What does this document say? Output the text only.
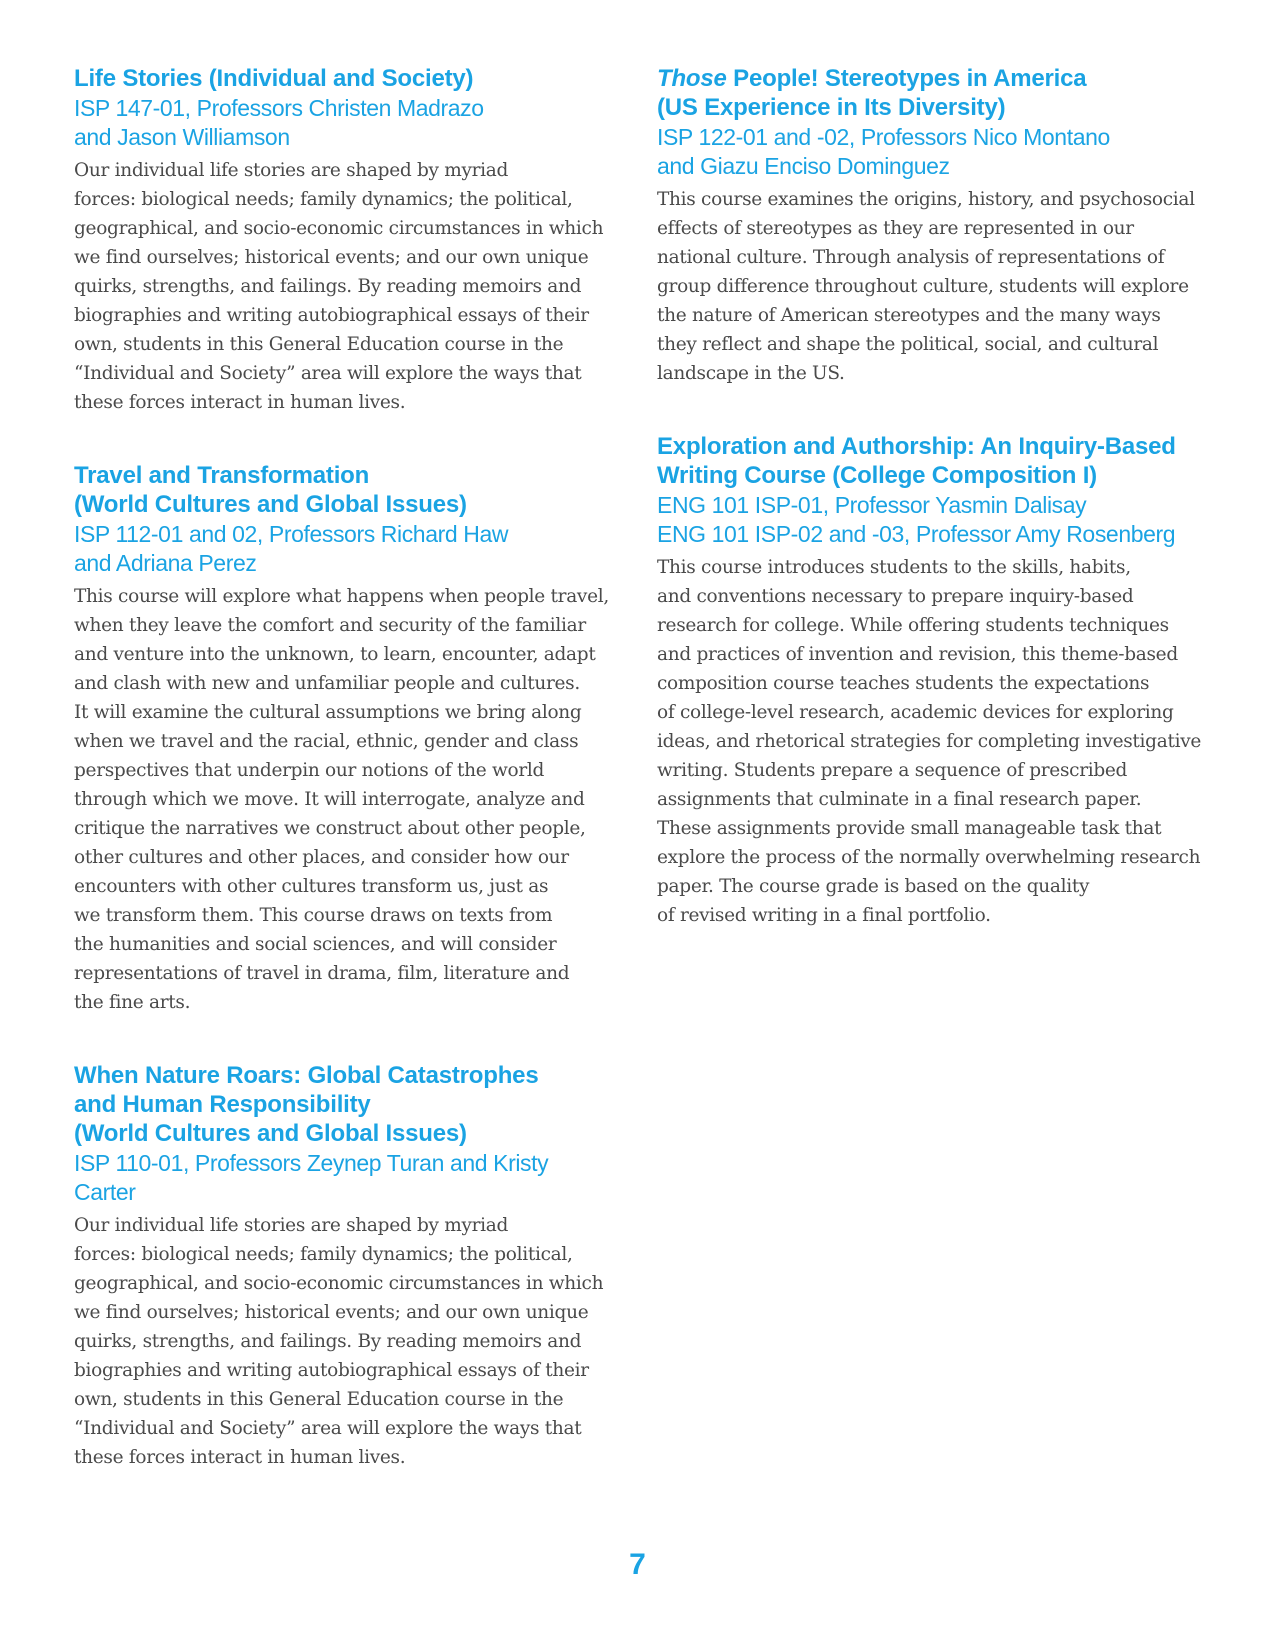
Life Stories (Individual and Society)
ISP 147-01, Professors Christen Madrazo
and Jason Williamson

Our individual life stories are shaped by myriad
forces: biological needs; family dynamics; the political,
geographical, and socio-economic circumstances in which
we find ourselves; historical events; and our own unique
quirks, strengths, and failings. By reading memoirs and
biographies and writing autobiographical essays of their
own, students in this General Education course in the
“Individual and Society” area will explore the ways that
these forces interact in human lives.

Travel and Transformation
(World Cultures and Global Issues)
ISP 112-01 and 02, Professors Richard Haw
and Adriana Perez

This course will explore what happens when people travel,
when they leave the comfort and security of the familiar
and venture into the unknown, to learn, encounter, adapt
and clash with new and unfamiliar people and cultures.
It will examine the cultural assumptions we bring along
when we travel and the racial, ethnic, gender and class
perspectives that underpin our notions of the world
through which we move. It will interrogate, analyze and
critique the narratives we construct about other people,
other cultures and other places, and consider how our
encounters with other cultures transform us, just as
we transform them. This course draws on texts from
the humanities and social sciences, and will consider
representations of travel in drama, film, literature and
the fine arts.

When Nature Roars: Global Catastrophes
and Human Responsibility
(World Cultures and Global Issues)
ISP 110-01, Professors Zeynep Turan and Kristy Carter

Our individual life stories are shaped by myriad
forces: biological needs; family dynamics; the political,
geographical, and socio-economic circumstances in which
we find ourselves; historical events; and our own unique
quirks, strengths, and failings. By reading memoirs and
biographies and writing autobiographical essays of their
own, students in this General Education course in the
“Individual and Society” area will explore the ways that
these forces interact in human lives.

Those People! Stereotypes in America
(US Experience in Its Diversity)
ISP 122-01 and -02, Professors Nico Montano
and Giazu Enciso Dominguez

This course examines the origins, history, and psychosocial
effects of stereotypes as they are represented in our
national culture. Through analysis of representations of
group difference throughout culture, students will explore
the nature of American stereotypes and the many ways
they reflect and shape the political, social, and cultural
landscape in the US.

Exploration and Authorship: An Inquiry-Based
Writing Course (College Composition I)
ENG 101 ISP-01, Professor Yasmin Dalisay
ENG 101 ISP-02 and -03, Professor Amy Rosenberg

This course introduces students to the skills, habits,
and conventions necessary to prepare inquiry-based
research for college. While offering students techniques
and practices of invention and revision, this theme-based
composition course teaches students the expectations
of college-level research, academic devices for exploring
ideas, and rhetorical strategies for completing investigative
writing. Students prepare a sequence of prescribed
assignments that culminate in a final research paper.
These assignments provide small manageable task that
explore the process of the normally overwhelming research
paper. The course grade is based on the quality
of revised writing in a final portfolio.

7
